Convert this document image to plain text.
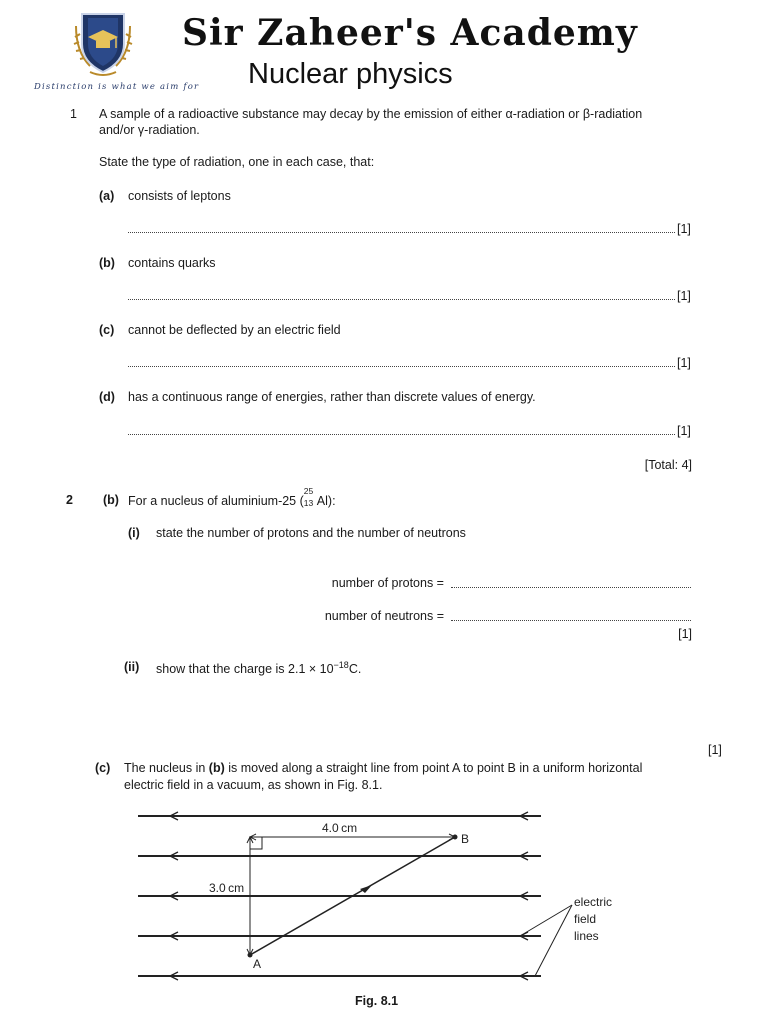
Sir Zaheer's Academy
Nuclear physics
Distinction is what we aim for
1 A sample of a radioactive substance may decay by the emission of either α-radiation or β-radiation
and/or γ-radiation.
State the type of radiation, one in each case, that:
(a) consists of leptons
[1]
(b) contains quarks
[1]
(c) cannot be deflected by an electric field
[1]
(d) has a continuous range of energies, rather than discrete values of energy.
[1]
[Total: 4]
2 (b) For a nucleus of aluminium-25 (
25
13 Al):
(i) state the number of protons and the number of neutrons
number of protons =
number of neutrons =
[1]
(ii) show that the charge is $2.1 \times 10^{-18}C$.
[1]
(c) The nucleus in (b) is moved along a straight line from point A to point B in a uniform horizontal
electric field in a vacuum, as shown in Fig. 8.1.
4.0 cm
3.0 cm
A
B
electric
field
lines
Fig. 8.1
